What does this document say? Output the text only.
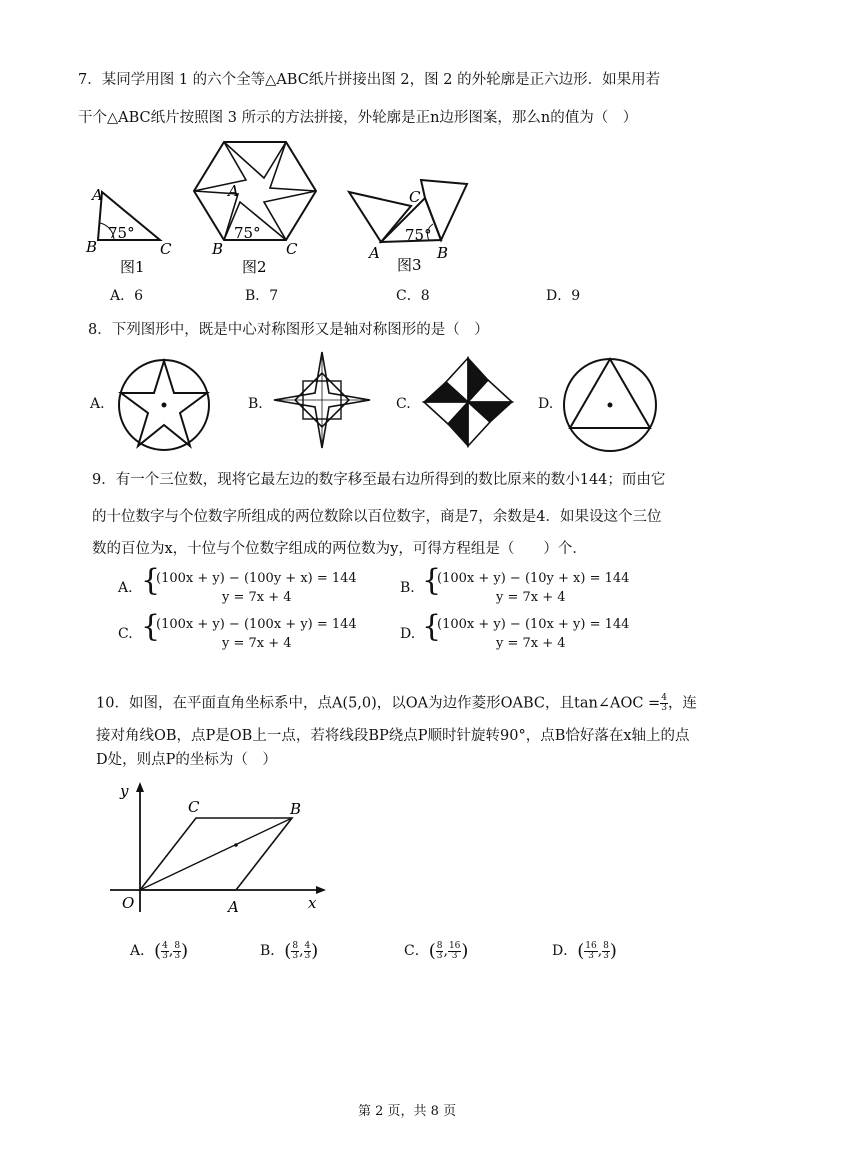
7．某同学用图 1 的六个全等△ABC纸片拼接出图 2，图 2 的外轮廓是正六边形．如果用若
干个△ABC纸片按照图 3 所示的方法拼接，外轮廓是正n边形图案，那么n的值为（　）
A
B	C
75°
图1
A
B	C
75°
图2
C
A	B
75°
图3
A．6	B．7	C．8	D．9
8．下列图形中，既是中心对称图形又是轴对称图形的是（　）
A.	B.	C.	D.
9．有一个三位数，现将它最左边的数字移至最右边所得到的数比原来的数小144；而由它
的十位数字与个位数字所组成的两位数除以百位数字，商是7，余数是4．如果设这个三位
数的百位为x，十位与个位数字组成的两位数为y，可得方程组是（　　）个．
A. {
(100x + y) − (100y + x) = 144
y = 7x + 4
B. {
(100x + y) − (10y + x) = 144
y = 7x + 4
C. {
(100x + y) − (100x + y) = 144
y = 7x + 4
D. {
(100x + y) − (10x + y) = 144
y = 7x + 4
10．如图，在平面直角坐标系中，点A(5,0)，以OA为边作菱形OABC，且tan∠AOC = $\frac{4}{3}$ ，连
接对角线OB，点P是OB上一点，若将线段BP绕点P顺时针旋转90°，点B恰好落在x轴上的点
D处，则点P的坐标为（　）
y
x
O	A
B
C
A．( $\frac{4}{3}$ , $\frac{8}{3}$ )	B．( $\frac{8}{3}$ , $\frac{4}{3}$ )	C．( $\frac{8}{3}$ , $\frac{16}{3}$ )	D．( $\frac{16}{3}$ , $\frac{8}{3}$ )
第 2 页，共 8 页
